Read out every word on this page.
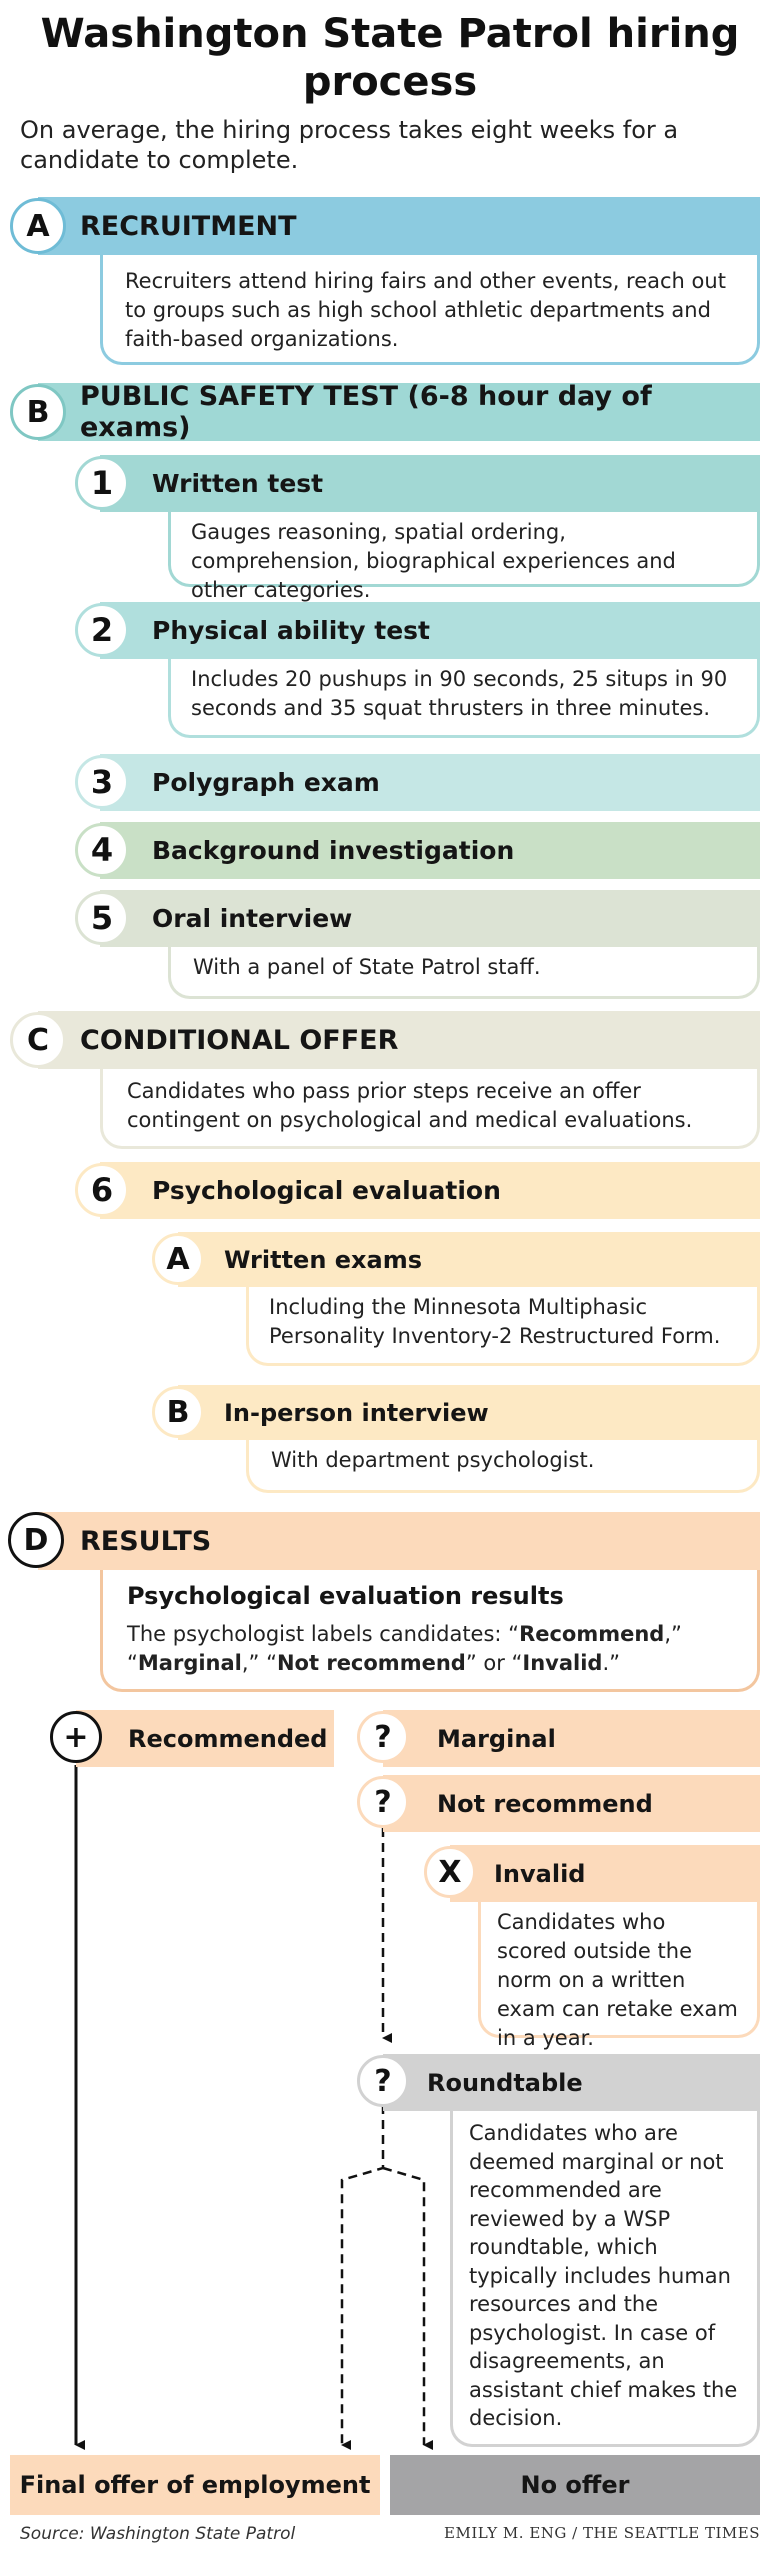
Washington State Patrol hiring process
On average, the hiring process takes eight weeks for a candidate to complete.
RECRUITMENT
A
Recruiters attend hiring fairs and other events, reach out to groups such as high school athletic departments and faith-based organizations.
PUBLIC SAFETY TEST (6-8 hour day of exams)
B
Written test
1
Gauges reasoning, spatial ordering, comprehension, biographical experiences and other categories.
Physical ability test
2
Includes 20 pushups in 90 seconds, 25 situps in 90 seconds and 35 squat thrusters in three minutes.
Polygraph exam
3
Background investigation
4
Oral interview
5
With a panel of State Patrol staff.
CONDITIONAL OFFER
C
Candidates who pass prior steps receive an offer contingent on psychological and medical evaluations.
Psychological evaluation
6
Written exams
A
Including the Minnesota Multiphasic Personality Inventory-2 Restructured Form.
In-person interview
B
With department psychologist.
RESULTS
D
Psychological evaluation results
The psychologist labels candidates: “Recommend,” “Marginal,” “Not recommend” or “Invalid.”
Recommended
+	Marginal
?
Not recommend
?
Invalid
X
Candidates who scored outside the norm on a written exam can retake exam in a year.
Roundtable
?
Candidates who are deemed marginal or not recommended are reviewed by a WSP roundtable, which typically includes human resources and the psychologist. In case of disagreements, an assistant chief makes the decision.
Final offer of employment	No offer
Source: Washington State Patrol	EMILY M. ENG / THE SEATTLE TIMES
